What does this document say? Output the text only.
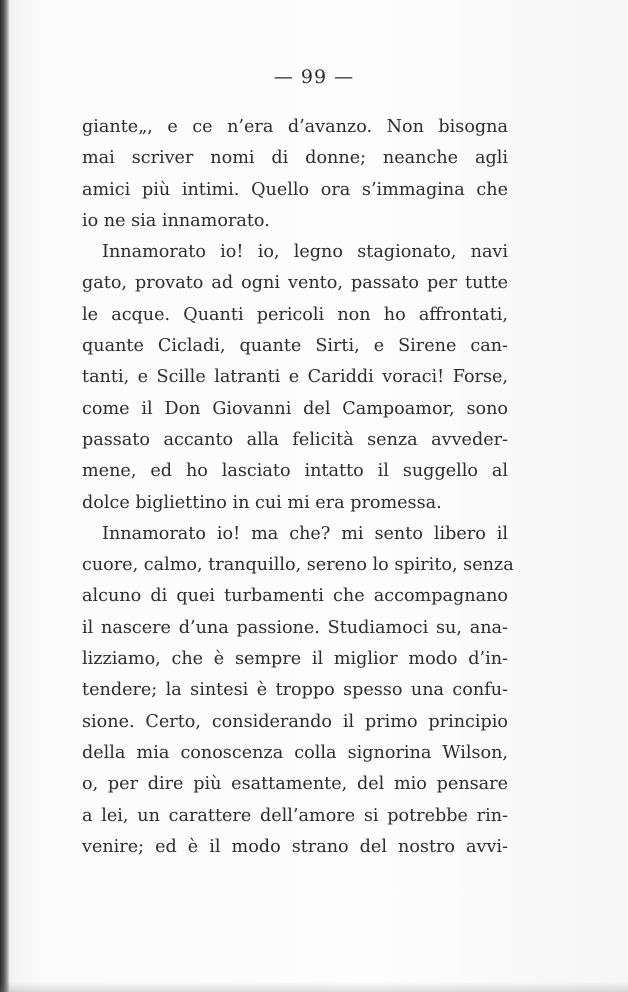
— 99 —
giante„, e ce n’era d’avanzo. Non bisogna
mai scriver nomi di donne; neanche agli
amici più intimi. Quello ora s’immagina che
io ne sia innamorato.
Innamorato io! io, legno stagionato, navi
gato, provato ad ogni vento, passato per tutte
le acque. Quanti pericoli non ho affrontati,
quante Cicladi, quante Sirti, e Sirene can-
tanti, e Scille latranti e Cariddi voraci! Forse,
come il Don Giovanni del Campoamor, sono
passato accanto alla felicità senza avveder-
mene, ed ho lasciato intatto il suggello al
dolce bigliettino in cui mi era promessa.
Innamorato io! ma che? mi sento libero il
cuore, calmo, tranquillo, sereno lo spirito, senza
alcuno di quei turbamenti che accompagnano
il nascere d’una passione. Studiamoci su, ana-
lizziamo, che è sempre il miglior modo d’in-
tendere; la sintesi è troppo spesso una confu-
sione. Certo, considerando il primo principio
della mia conoscenza colla signorina Wilson,
o, per dire più esattamente, del mio pensare
a lei, un carattere dell’amore si potrebbe rin-
venire; ed è il modo strano del nostro avvi-
